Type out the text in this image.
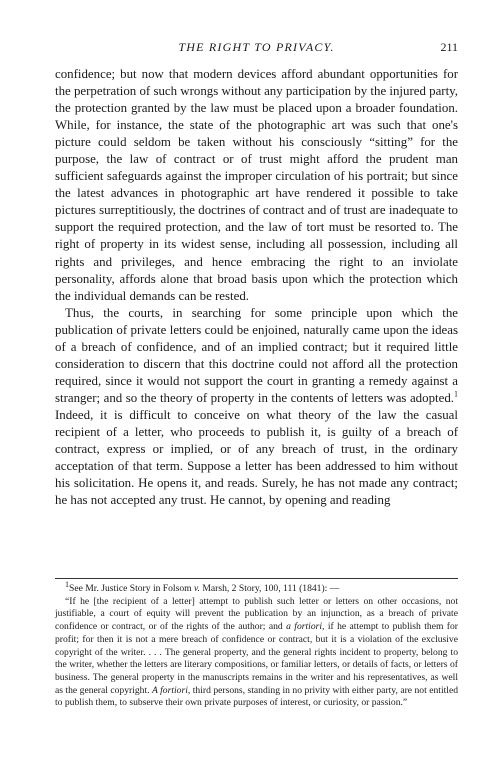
THE RIGHT TO PRIVACY.	211

confidence; but now that modern devices afford abundant opportunities for the perpetration of such wrongs without any participation by the injured party, the protection granted by the law must be placed upon a broader foundation. While, for instance, the state of the photographic art was such that one's picture could seldom be taken without his consciously “sitting” for the purpose, the law of contract or of trust might afford the prudent man sufficient safeguards against the improper circulation of his portrait; but since the latest advances in photographic art have rendered it possible to take pictures surreptitiously, the doctrines of contract and of trust are inadequate to support the required protection, and the law of tort must be resorted to. The right of property in its widest sense, including all possession, including all rights and privileges, and hence embracing the right to an inviolate personality, affords alone that broad basis upon which the protection which the individual demands can be rested.

Thus, the courts, in searching for some principle upon which the publication of private letters could be enjoined, naturally came upon the ideas of a breach of confidence, and of an implied contract; but it required little consideration to discern that this doctrine could not afford all the protection required, since it would not support the court in granting a remedy against a stranger; and so the theory of property in the contents of letters was adopted.$^1$ Indeed, it is difficult to conceive on what theory of the law the casual recipient of a letter, who proceeds to publish it, is guilty of a breach of contract, express or implied, or of any breach of trust, in the ordinary acceptation of that term. Suppose a letter has been addressed to him without his solicitation. He opens it, and reads. Surely, he has not made any contract; he has not accepted any trust. He cannot, by opening and reading

$^1$See Mr. Justice Story in Folsom v. Marsh, 2 Story, 100, 111 (1841): —

“If he [the recipient of a letter] attempt to publish such letter or letters on other occasions, not justifiable, a court of equity will prevent the publication by an injunction, as a breach of private confidence or contract, or of the rights of the author; and a fortiori, if he attempt to publish them for profit; for then it is not a mere breach of confidence or contract, but it is a violation of the exclusive copyright of the writer. . . . The general property, and the general rights incident to property, belong to the writer, whether the letters are literary compositions, or familiar letters, or details of facts, or letters of business. The general property in the manuscripts remains in the writer and his representatives, as well as the general copyright. A fortiori, third persons, standing in no privity with either party, are not entitled to publish them, to subserve their own private purposes of interest, or curiosity, or passion.”
